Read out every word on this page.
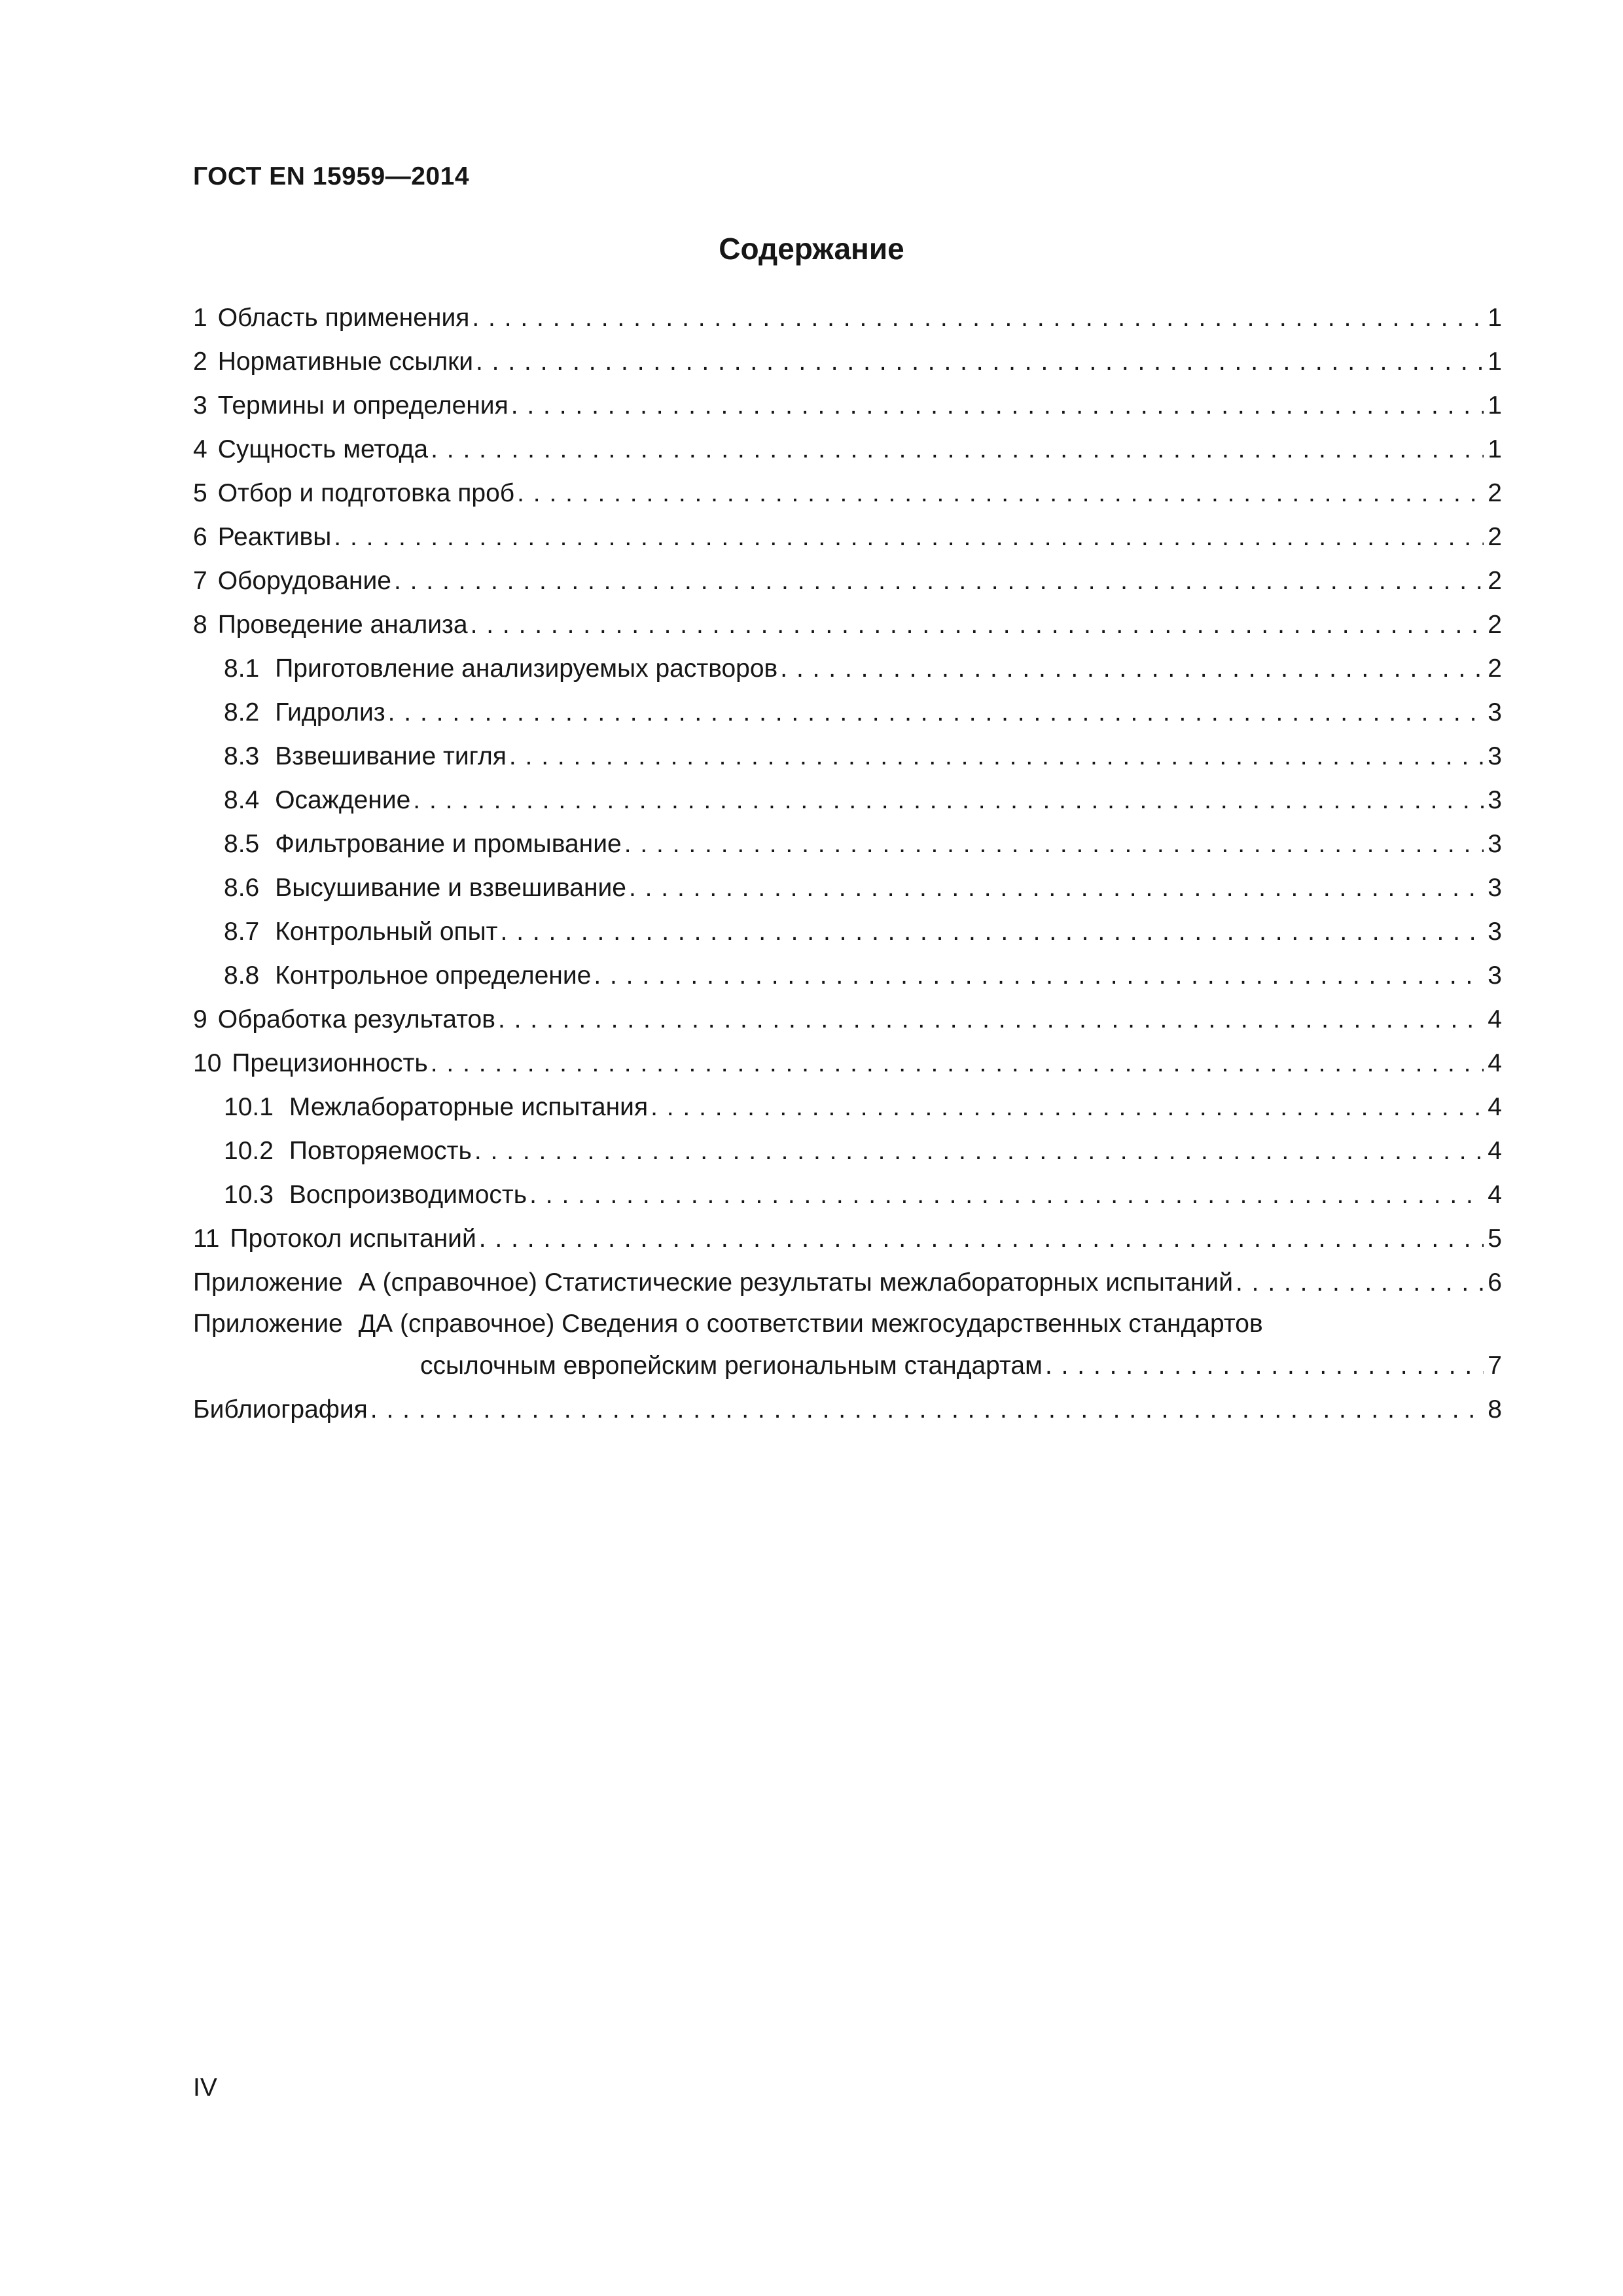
ГОСТ EN 15959—2014
Содержание
1 Область применения . . .	1
2 Нормативные ссылки . . .	1
3 Термины и определения . . .	1
4 Сущность метода . . .	1
5 Отбор и подготовка проб . . .	2
6 Реактивы . . .	2
7 Оборудование . . .	2
8 Проведение анализа . . .	2
8.1 Приготовление анализируемых растворов . . .	2
8.2 Гидролиз . . .	3
8.3 Взвешивание тигля . . .	3
8.4 Осаждение . . .	3
8.5 Фильтрование и промывание . . .	3
8.6 Высушивание и взвешивание . . .	3
8.7 Контрольный опыт . . .	3
8.8 Контрольное определение . . .	3
9 Обработка результатов . . .	4
10 Прецизионность . . .	4
10.1 Межлабораторные испытания . . .	4
10.2 Повторяемость . . .	4
10.3 Воспроизводимость . . .	4
11 Протокол испытаний . . .	5
Приложение А (справочное) Статистические результаты межлабораторных испытаний . . .	6
Приложение ДА (справочное) Сведения о соответствии межгосударственных стандартов
ссылочным европейским региональным стандартам . . .	7
Библиография . . .	8
IV
